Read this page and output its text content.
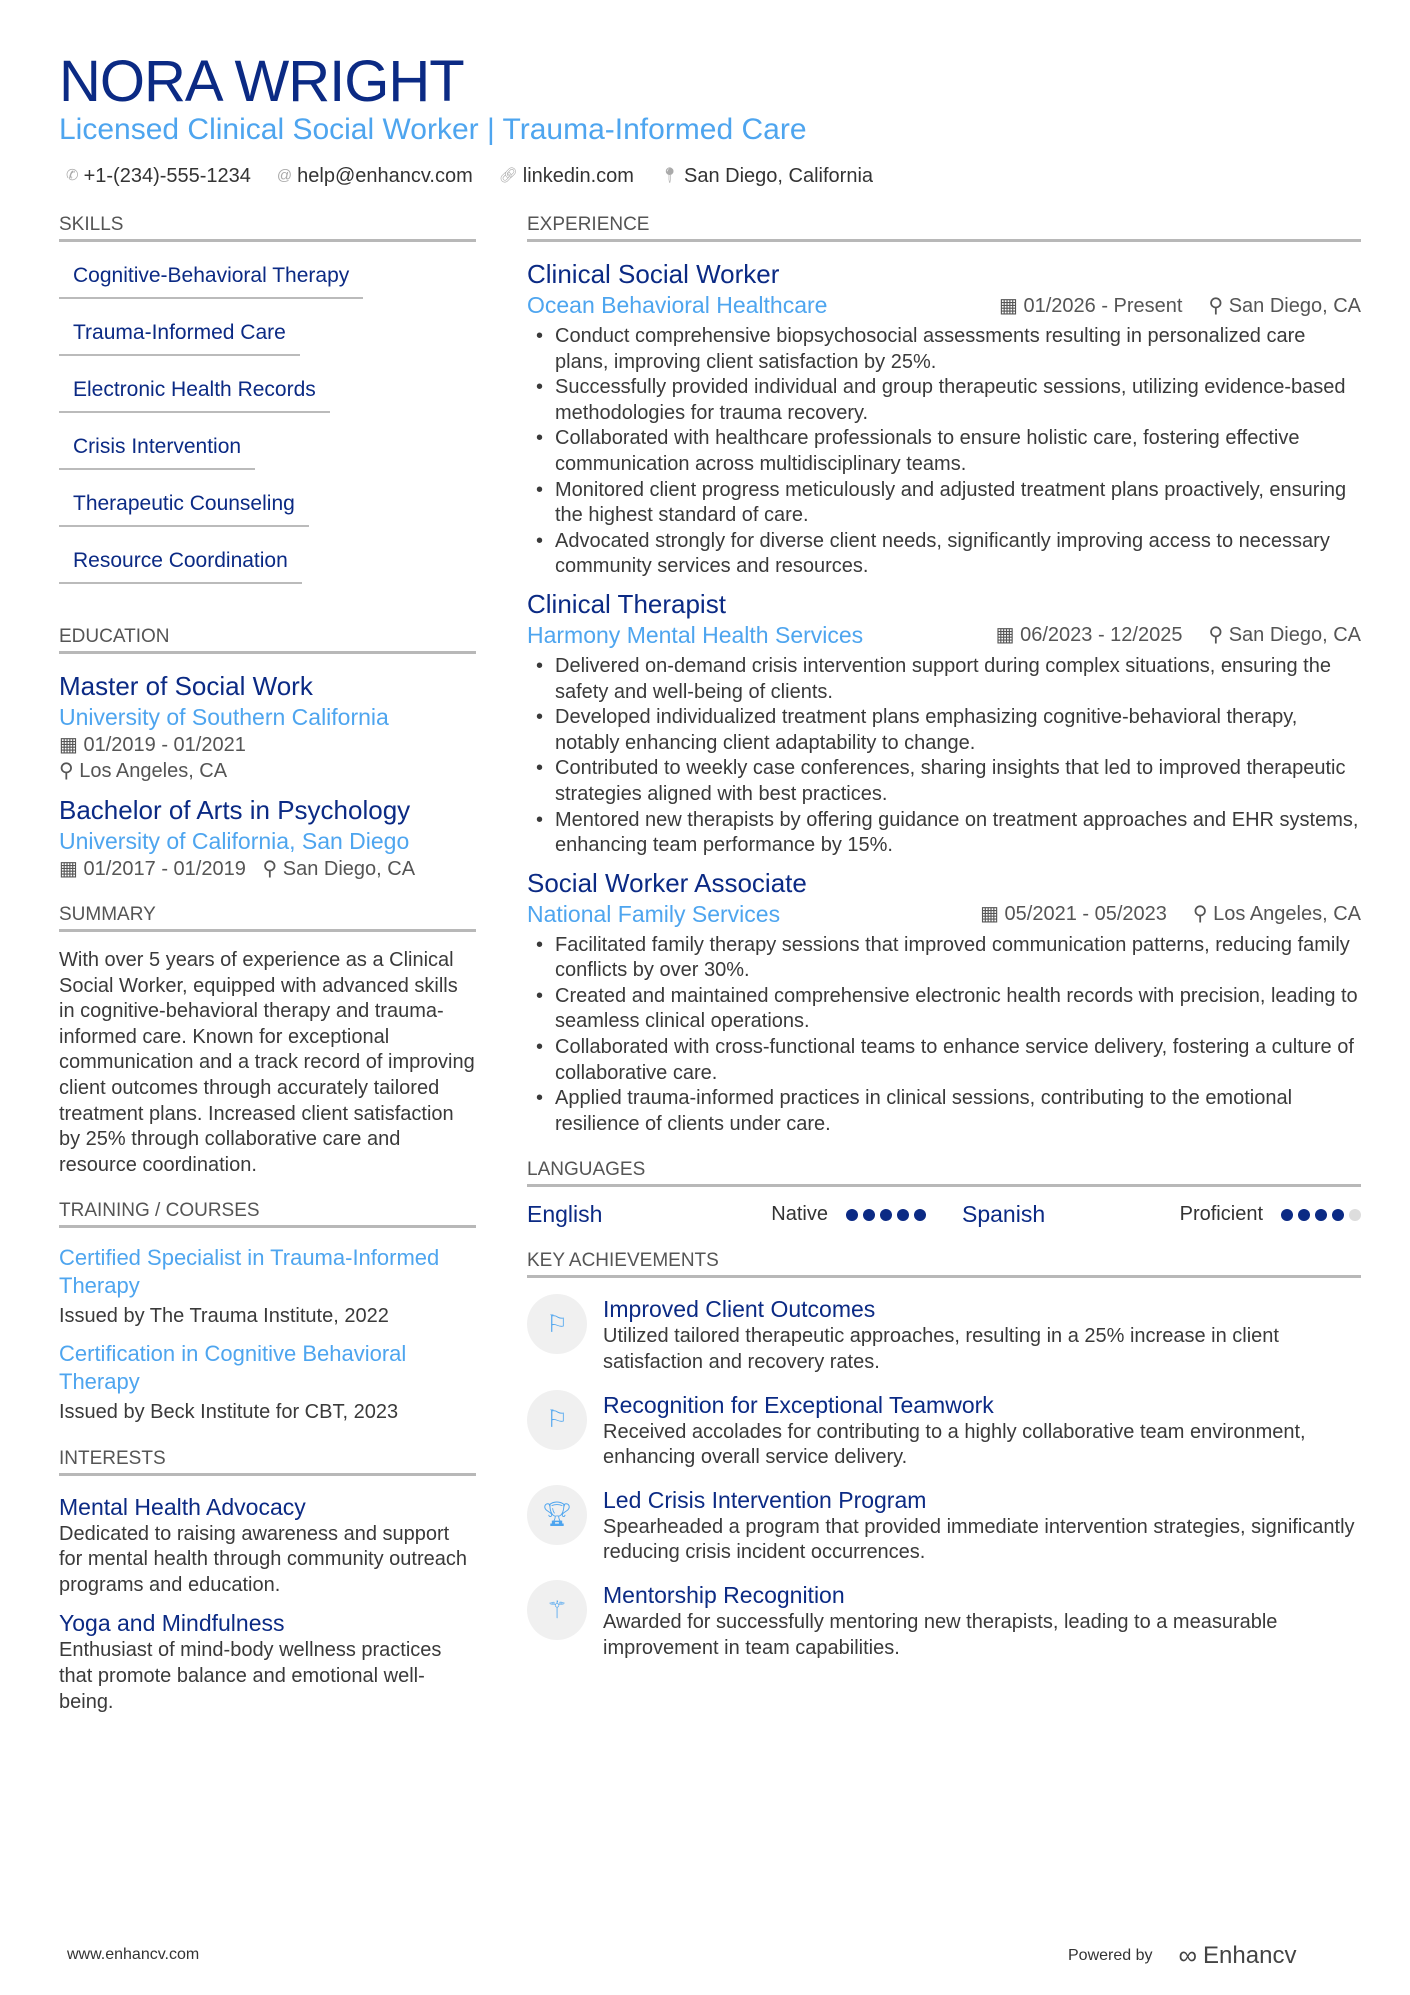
NORA WRIGHT
Licensed Clinical Social Worker | Trauma-Informed Care
✆ +1-(234)-555-1234 @ help@enhancv.com 🔗︎ linkedin.com 📍︎ San Diego, California
SKILLS
Cognitive-Behavioral Therapy
Trauma-Informed Care
Electronic Health Records
Crisis Intervention
Therapeutic Counseling
Resource Coordination
EDUCATION
Master of Social Work
University of Southern California
▦ 01/2019 - 01/2021
⚲ Los Angeles, CA
Bachelor of Arts in Psychology
University of California, San Diego
▦ 01/2017 - 01/2019 ⚲ San Diego, CA
SUMMARY
With over 5 years of experience as a Clinical Social Worker, equipped with advanced skills in cognitive-behavioral therapy and trauma-informed care. Known for exceptional communication and a track record of improving client outcomes through accurately tailored treatment plans. Increased client satisfaction by 25% through collaborative care and resource coordination.
TRAINING / COURSES
Certified Specialist in Trauma-Informed Therapy
Issued by The Trauma Institute, 2022
Certification in Cognitive Behavioral Therapy
Issued by Beck Institute for CBT, 2023
INTERESTS
Mental Health Advocacy
Dedicated to raising awareness and support for mental health through community outreach programs and education.
Yoga and Mindfulness
Enthusiast of mind-body wellness practices that promote balance and emotional well-being.
EXPERIENCE
Clinical Social Worker
Ocean Behavioral Healthcare	▦ 01/2026 - Present ⚲ San Diego, CA
• Conduct comprehensive biopsychosocial assessments resulting in personalized care plans, improving client satisfaction by 25%.
• Successfully provided individual and group therapeutic sessions, utilizing evidence-based methodologies for trauma recovery.
• Collaborated with healthcare professionals to ensure holistic care, fostering effective communication across multidisciplinary teams.
• Monitored client progress meticulously and adjusted treatment plans proactively, ensuring the highest standard of care.
• Advocated strongly for diverse client needs, significantly improving access to necessary community services and resources.
Clinical Therapist
Harmony Mental Health Services	▦ 06/2023 - 12/2025 ⚲ San Diego, CA
• Delivered on-demand crisis intervention support during complex situations, ensuring the safety and well-being of clients.
• Developed individualized treatment plans emphasizing cognitive-behavioral therapy, notably enhancing client adaptability to change.
• Contributed to weekly case conferences, sharing insights that led to improved therapeutic strategies aligned with best practices.
• Mentored new therapists by offering guidance on treatment approaches and EHR systems, enhancing team performance by 15%.
Social Worker Associate
National Family Services	▦ 05/2021 - 05/2023 ⚲ Los Angeles, CA
• Facilitated family therapy sessions that improved communication patterns, reducing family conflicts by over 30%.
• Created and maintained comprehensive electronic health records with precision, leading to seamless clinical operations.
• Collaborated with cross-functional teams to enhance service delivery, fostering a culture of collaborative care.
• Applied trauma-informed practices in clinical sessions, contributing to the emotional resilience of clients under care.
LANGUAGES
English	Native	Spanish	Proficient
KEY ACHIEVEMENTS
⚐
Improved Client Outcomes
Utilized tailored therapeutic approaches, resulting in a 25% increase in client satisfaction and recovery rates.
⚐
Recognition for Exceptional Teamwork
Received accolades for contributing to a highly collaborative team environment, enhancing overall service delivery.
🏆︎
Led Crisis Intervention Program
Spearheaded a program that provided immediate intervention strategies, significantly reducing crisis incident occurrences.
⚚
Mentorship Recognition
Awarded for successfully mentoring new therapists, leading to a measurable improvement in team capabilities.
www.enhancv.com	Powered by ∞ Enhancv
